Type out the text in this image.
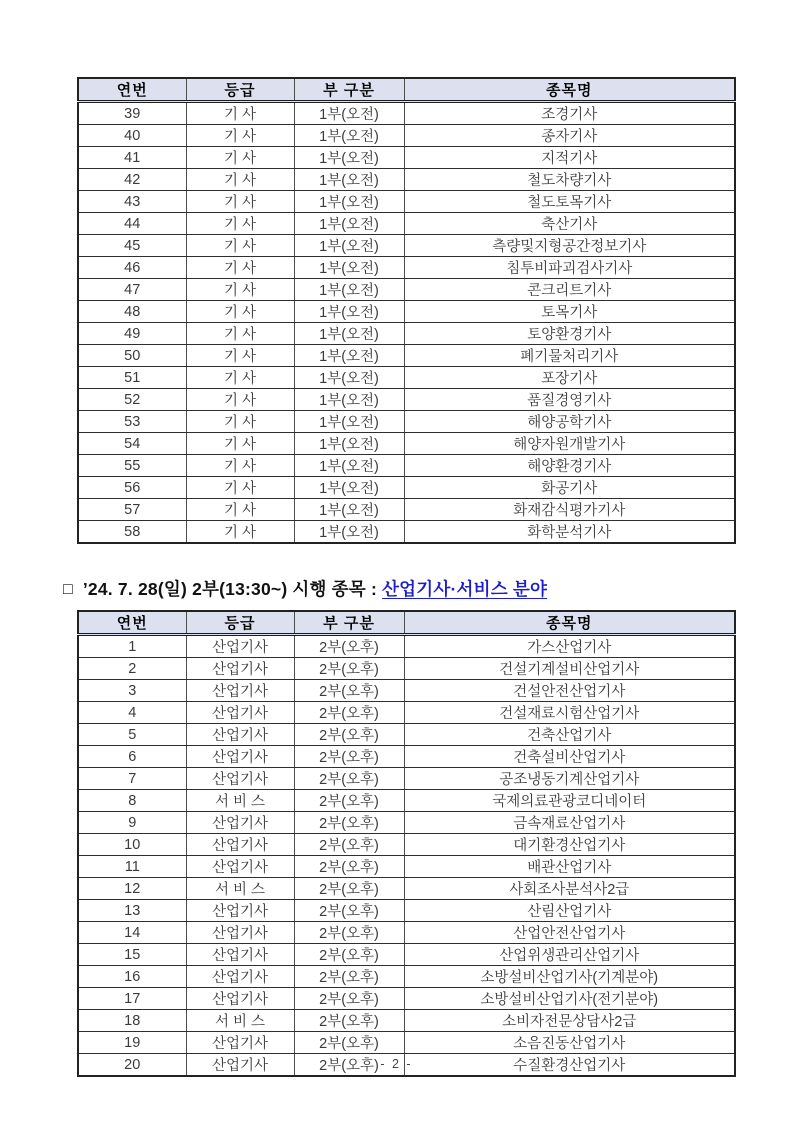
연번	등급	부 구분	종목명
39	기 사	1부(오전)	조경기사
40	기 사	1부(오전)	종자기사
41	기 사	1부(오전)	지적기사
42	기 사	1부(오전)	철도차량기사
43	기 사	1부(오전)	철도토목기사
44	기 사	1부(오전)	축산기사
45	기 사	1부(오전)	측량및지형공간정보기사
46	기 사	1부(오전)	침투비파괴검사기사
47	기 사	1부(오전)	콘크리트기사
48	기 사	1부(오전)	토목기사
49	기 사	1부(오전)	토양환경기사
50	기 사	1부(오전)	폐기물처리기사
51	기 사	1부(오전)	포장기사
52	기 사	1부(오전)	품질경영기사
53	기 사	1부(오전)	해양공학기사
54	기 사	1부(오전)	해양자원개발기사
55	기 사	1부(오전)	해양환경기사
56	기 사	1부(오전)	화공기사
57	기 사	1부(오전)	화재감식평가기사
58	기 사	1부(오전)	화학분석기사
□ ’24. 7. 28(일) 2부(13:30~) 시행 종목 : 산업기사·서비스 분야
연번	등급	부 구분	종목명
1	산업기사	2부(오후)	가스산업기사
2	산업기사	2부(오후)	건설기계설비산업기사
3	산업기사	2부(오후)	건설안전산업기사
4	산업기사	2부(오후)	건설재료시험산업기사
5	산업기사	2부(오후)	건축산업기사
6	산업기사	2부(오후)	건축설비산업기사
7	산업기사	2부(오후)	공조냉동기계산업기사
8	서 비 스	2부(오후)	국제의료관광코디네이터
9	산업기사	2부(오후)	금속재료산업기사
10	산업기사	2부(오후)	대기환경산업기사
11	산업기사	2부(오후)	배관산업기사
12	서 비 스	2부(오후)	사회조사분석사2급
13	산업기사	2부(오후)	산림산업기사
14	산업기사	2부(오후)	산업안전산업기사
15	산업기사	2부(오후)	산업위생관리산업기사
16	산업기사	2부(오후)	소방설비산업기사(기계분야)
17	산업기사	2부(오후)	소방설비산업기사(전기분야)
18	서 비 스	2부(오후)	소비자전문상담사2급
19	산업기사	2부(오후)	소음진동산업기사
20	산업기사	2부(오후)	수질환경산업기사
- 2 -
